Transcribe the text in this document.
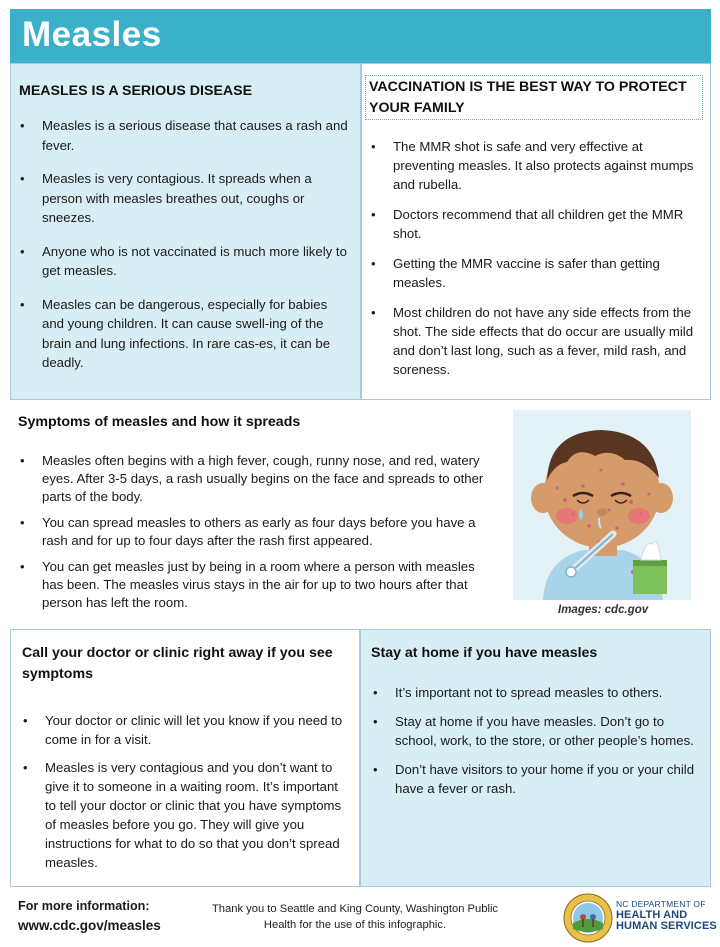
Measles
MEASLES IS A SERIOUS DISEASE
• Measles is a serious disease that causes a rash and fever.
• Measles is very contagious. It spreads when a person with measles breathes out, coughs or sneezes.
• Anyone who is not vaccinated is much more likely to get measles.
• Measles can be dangerous, especially for babies and young children. It can cause swell-ing of the brain and lung infections. In rare cas-es, it can be deadly.
VACCINATION IS THE BEST WAY TO PROTECT YOUR FAMILY
• The MMR shot is safe and very effective at preventing measles. It also protects against mumps and rubella.
• Doctors recommend that all children get the MMR shot.
• Getting the MMR vaccine is safer than getting measles.
• Most children do not have any side effects from the shot. The side effects that do occur are usually mild and don’t last long, such as a fever, mild rash, and soreness.
Symptoms of measles and how it spreads
• Measles often begins with a high fever, cough, runny nose, and red, watery eyes. After 3-5 days, a rash usually begins on the face and spreads to other parts of the body.
• You can spread measles to others as early as four days before you have a rash and for up to four days after the rash first appeared.
• You can get measles just by being in a room where a person with measles has been. The measles virus stays in the air for up to two hours after that person has left the room.	Images: cdc.gov
Call your doctor or clinic right away if you see symptoms
• Your doctor or clinic will let you know if you need to come in for a visit.
• Measles is very contagious and you don’t want to give it to someone in a waiting room. It’s important to tell your doctor or clinic that you have symptoms of measles before you go. They will give you instructions for what to do so that you don’t spread measles.
Stay at home if you have measles
• It’s important not to spread measles to others.
• Stay at home if you have measles. Don’t go to school, work, to the store, or other people’s homes.
• Don’t have visitors to your home if you or your child have a fever or rash.
For more information:
www.cdc.gov/measles
Thank you to Seattle and King County, Washington Public Health for the use of this infographic.
NC DEPARTMENT OF
HEALTH AND
HUMAN SERVICES
